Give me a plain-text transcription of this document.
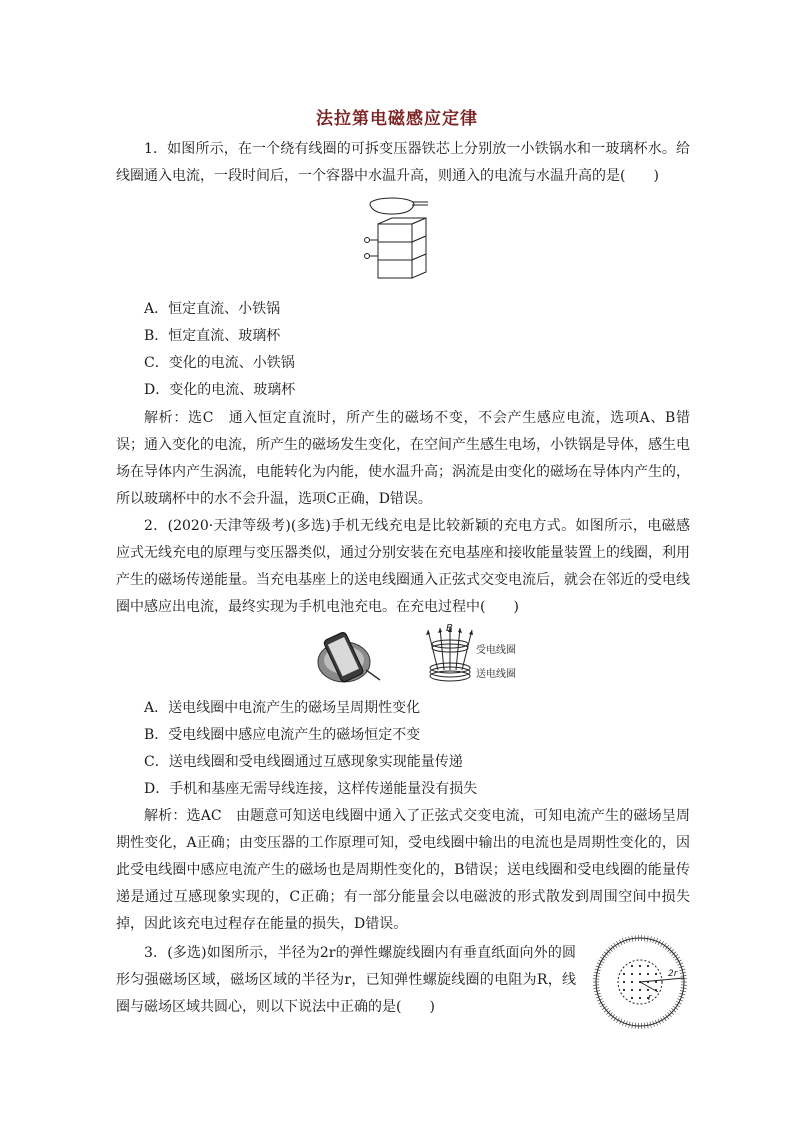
法拉第电磁感应定律

1．如图所示，在一个绕有线圈的可拆变压器铁芯上分别放一小铁锅水和一玻璃杯水。给线圈通入电流，一段时间后，一个容器中水温升高，则通入的电流与水温升高的是(　　)

A．恒定直流、小铁锅
B．恒定直流、玻璃杯
C．变化的电流、小铁锅
D．变化的电流、玻璃杯

解析：选C　通入恒定直流时，所产生的磁场不变，不会产生感应电流，选项A、B错误；通入变化的电流，所产生的磁场发生变化，在空间产生感生电场，小铁锅是导体，感生电场在导体内产生涡流，电能转化为内能，使水温升高；涡流是由变化的磁场在导体内产生的，所以玻璃杯中的水不会升温，选项C正确，D错误。

2．(2020·天津等级考)(多选)手机无线充电是比较新颖的充电方式。如图所示，电磁感应式无线充电的原理与变压器类似，通过分别安装在充电基座和接收能量装置上的线圈，利用产生的磁场传递能量。当充电基座上的送电线圈通入正弦式交变电流后，就会在邻近的受电线圈中感应出电流，最终实现为手机电池充电。在充电过程中(　　)

B
受电线圈
送电线圈
A．送电线圈中电流产生的磁场呈周期性变化
B．受电线圈中感应电流产生的磁场恒定不变
C．送电线圈和受电线圈通过互感现象实现能量传递
D．手机和基座无需导线连接，这样传递能量没有损失

解析：选AC　由题意可知送电线圈中通入了正弦式交变电流，可知电流产生的磁场呈周期性变化，A正确；由变压器的工作原理可知，受电线圈中输出的电流也是周期性变化的，因此受电线圈中感应电流产生的磁场也是周期性变化的，B错误；送电线圈和受电线圈的能量传递是通过互感现象实现的，C正确；有一部分能量会以电磁波的形式散发到周围空间中损失掉，因此该充电过程存在能量的损失，D错误。

3．(多选)如图所示，半径为2r的弹性螺旋线圈内有垂直纸面向外的圆形匀强磁场区域，磁场区域的半径为r，已知弹性螺旋线圈的电阻为R，线圈与磁场区域共圆心，则以下说法中正确的是(　　)

2r
r
